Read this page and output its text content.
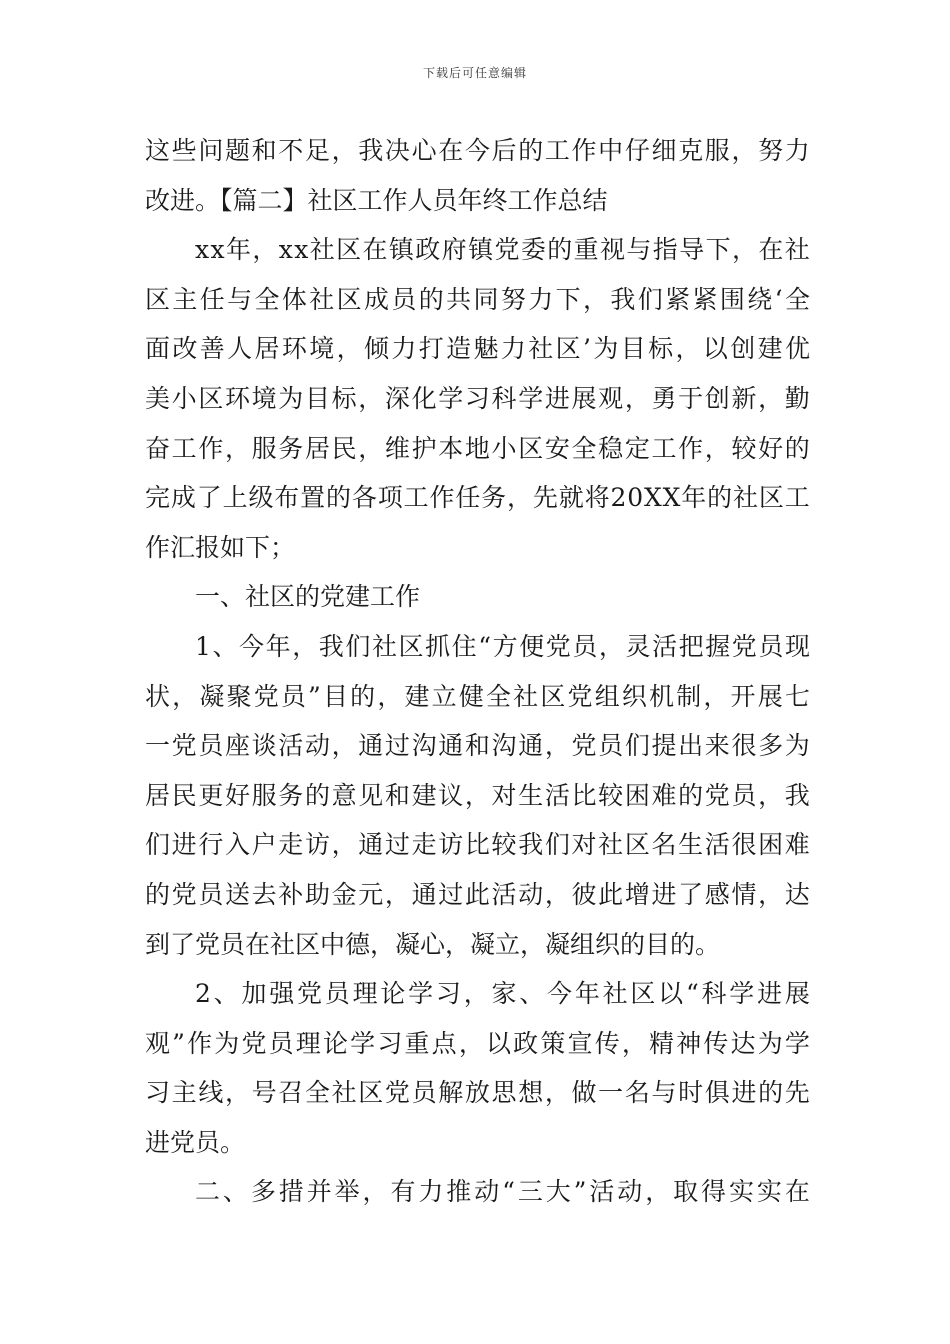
下载后可任意编辑
这 些 问 题 和 不 足 ， 我 决 心 在 今 后 的 工 作 中 仔 细 克 服 ， 努 力
改进。【篇二】社区工作人员年终工作总结
x x 年 ， x x 社 区 在 镇 政 府 镇 党 委 的 重 视 与 指 导 下 ， 在 社
区 主 任 与 全 体 社 区 成 员 的 共 同 努 力 下 ， 我 们 紧 紧 围 绕 ‘ 全
面 改 善 人 居 环 境 ， 倾 力 打 造 魅 力 社 区 ’ 为 目 标 ， 以 创 建 优
美 小 区 环 境 为 目 标 ， 深 化 学 习 科 学 进 展 观 ， 勇 于 创 新 ， 勤
奋 工 作 ， 服 务 居 民 ， 维 护 本 地 小 区 安 全 稳 定 工 作 ， 较 好 的
完 成 了 上 级 布 置 的 各 项 工 作 任 务 ， 先 就 将 2 0 X X 年 的 社 区 工
作汇报如下；
一、社区的党建工作
1 、 今 年 ， 我 们 社 区 抓 住 “ 方 便 党 员 ， 灵 活 把 握 党 员 现
状 ， 凝 聚 党 员 ” 目 的 ， 建 立 健 全 社 区 党 组 织 机 制 ， 开 展 七
一 党 员 座 谈 活 动 ， 通 过 沟 通 和 沟 通 ， 党 员 们 提 出 来 很 多 为
居 民 更 好 服 务 的 意 见 和 建 议 ， 对 生 活 比 较 困 难 的 党 员 ， 我
们 进 行 入 户 走 访 ， 通 过 走 访 比 较 我 们 对 社 区 名 生 活 很 困 难
的 党 员 送 去 补 助 金 元 ， 通 过 此 活 动 ， 彼 此 增 进 了 感 情 ， 达
到了党员在社区中德，凝心，凝立，凝组织的目的。
2 、 加 强 党 员 理 论 学 习 ， 家 、 今 年 社 区 以 “ 科 学 进 展
观 ” 作 为 党 员 理 论 学 习 重 点 ， 以 政 策 宣 传 ， 精 神 传 达 为 学
习 主 线 ， 号 召 全 社 区 党 员 解 放 思 想 ， 做 一 名 与 时 俱 进 的 先
进党员。
二 、 多 措 并 举 ， 有 力 推 动 “ 三 大 ” 活 动 ， 取 得 实 实 在
